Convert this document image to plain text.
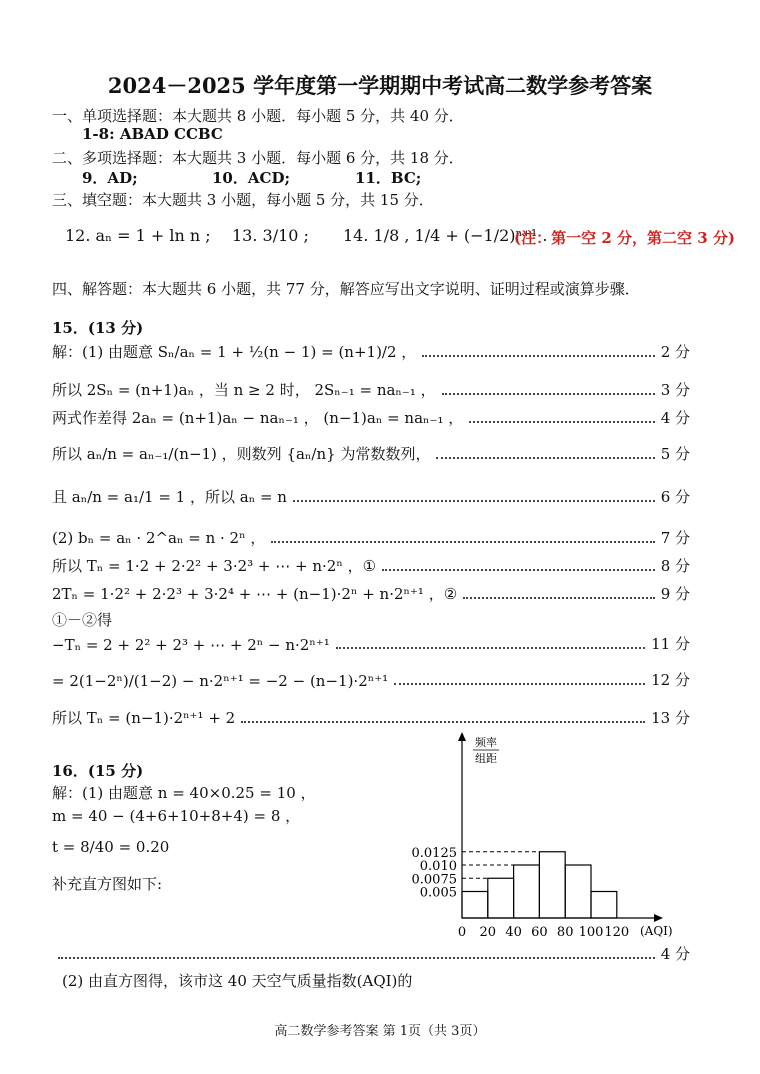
2024－2025 学年度第一学期期中考试高二数学参考答案
一、单项选择题：本大题共 8 小题．每小题 5 分，共 40 分．
1-8: ABAD CCBC
二、多项选择题：本大题共 3 小题．每小题 6 分，共 18 分．
9．AD;	10．ACD;	11．BC;
三、填空题：本大题共 3 小题，每小题 5 分，共 15 分．
12. aₙ = 1 + ln n ; 13. 3/10 ; 14. 1/8 , 1/4 + (−1/2)ⁿ⁺¹ .
(注：第一空 2 分，第二空 3 分)
四、解答题：本大题共 6 小题，共 77 分，解答应写出文字说明、证明过程或演算步骤．
15．(13 分)
解：(1) 由题意 Sₙ/aₙ = 1 + ½(n − 1) = (n+1)/2 ，	2 分
所以 2Sₙ = (n+1)aₙ ，当 n ≥ 2 时， 2Sₙ₋₁ = naₙ₋₁ ，	3 分
两式作差得 2aₙ = (n+1)aₙ − naₙ₋₁ ， (n−1)aₙ = naₙ₋₁ ，	4 分
所以 aₙ/n = aₙ₋₁/(n−1) ，则数列 {aₙ/n} 为常数数列，	5 分
且 aₙ/n = a₁/1 = 1 ，所以 aₙ = n	6 分
(2) bₙ = aₙ · 2^aₙ = n · 2ⁿ ，	7 分
所以 Tₙ = 1·2 + 2·2² + 3·2³ + ⋯ + n·2ⁿ ，①	8 分
2Tₙ = 1·2² + 2·2³ + 3·2⁴ + ⋯ + (n−1)·2ⁿ + n·2ⁿ⁺¹ ，②	9 分
①－②得
−Tₙ = 2 + 2² + 2³ + ⋯ + 2ⁿ − n·2ⁿ⁺¹	11 分
= 2(1−2ⁿ)/(1−2) − n·2ⁿ⁺¹ = −2 − (n−1)·2ⁿ⁺¹	12 分
所以 Tₙ = (n−1)·2ⁿ⁺¹ + 2	13 分
16．(15 分)
解：(1) 由题意 n = 40×0.25 = 10 ，
m = 40 − (4+6+10+8+4) = 8 ，
t = 8/40 = 0.20
补充直方图如下:
频率
组距
0.005
0.0075
0.010
0.0125
0 20 40 60 80 100 120 (AQI)
4 分
(2) 由直方图得，该市这 40 天空气质量指数(AQI)的
高二数学参考答案 第 1页（共 3页）
